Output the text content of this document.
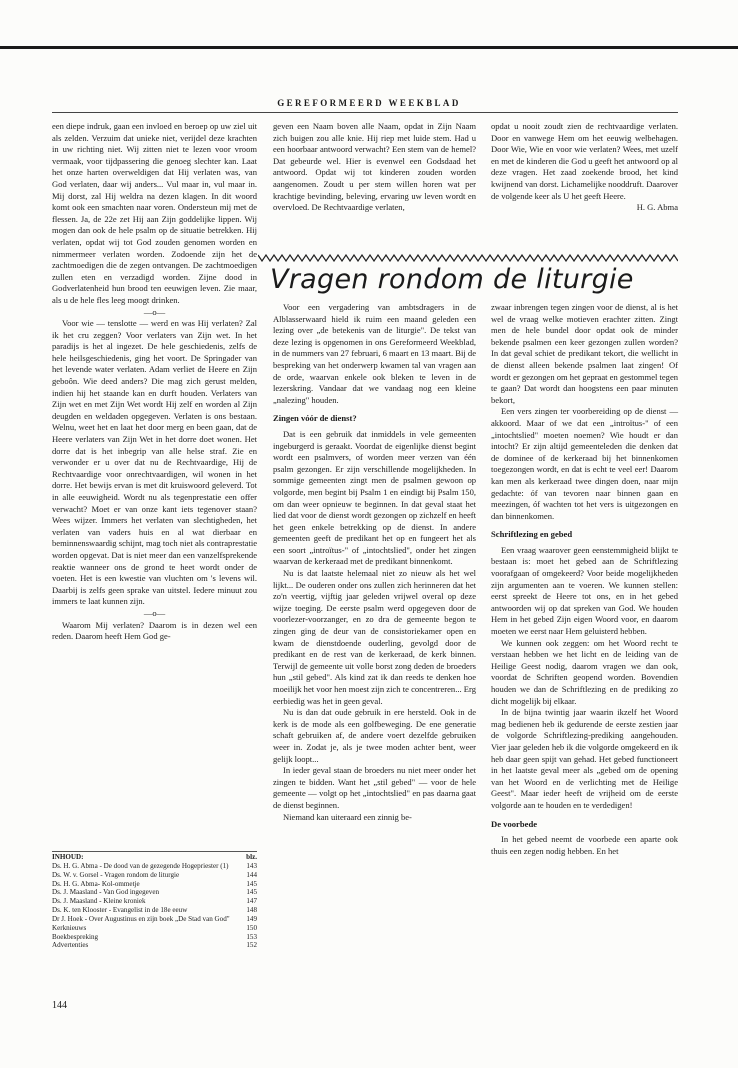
GEREFORMEERD WEEKBLAD

een diepe indruk, gaan een invloed en beroep op uw ziel uit als zelden. Verzuim dat unieke niet, verijdel deze krachten in uw richting niet. Wij zitten niet te lezen voor vroom vermaak, voor tijdpassering die genoeg slechter kan. Laat het onze harten overweldigen dat Hij verlaten was, van God verlaten, daar wij anders... Vul maar in, vul maar in. Mij dorst, zal Hij weldra na dezen klagen. In dit woord komt ook een smachten naar voren. Ondersteun mij met de flessen. Ja, de 22e zet Hij aan Zijn goddelijke lippen. Wij mogen dan ook de hele psalm op de situatie betrekken. Hij verlaten, opdat wij tot God zouden genomen worden en nimmermeer verlaten worden. Zodoende zijn het de zachtmoedigen die de zegen ontvangen. De zachtmoedigen zullen eten en verzadigd worden. Zijne dood in Godverlatenheid hun brood ten eeuwigen leven. Zie maar, als u de hele fles leeg moogt drinken.

—o—

Voor wie — tenslotte — werd en was Hij verlaten? Zal ik het cru zeggen? Voor verlaters van Zijn wet. In het paradijs is het al ingezet. De hele geschiedenis, zelfs de hele heilsgeschiedenis, ging het voort. De Springader van het levende water verlaten. Adam verliet de Heere en Zijn geboôn. Wie deed anders? Die mag zich gerust melden, indien hij het staande kan en durft houden. Verlaters van Zijn wet en met Zijn Wet wordt Hij zelf en worden al Zijn deugden en weldaden opgegeven. Verlaten is ons bestaan. Welnu, weet het en laat het door merg en been gaan, dat de Heere verlaters van Zijn Wet in het dorre doet wonen. Het dorre dat is het inbegrip van alle helse straf. Zie en verwonder er u over dat nu de Rechtvaardige, Hij de Rechtvaardige voor onrechtvaardigen, wil wonen in het dorre. Het bewijs ervan is met dit kruiswoord geleverd. Tot in alle eeuwigheid. Wordt nu als tegenprestatie een offer verwacht? Moet er van onze kant iets tegenover staan? Wees wijzer. Immers het verlaten van slechtigheden, het verlaten van vaders huis en al wat dierbaar en beminnenswaardig schijnt, mag toch niet als contraprestatie worden opgevat. Dat is niet meer dan een vanzelfsprekende reaktie wanneer ons de grond te heet wordt onder de voeten. Het is een kwestie van vluchten om 's levens wil. Daarbij is zelfs geen sprake van uitstel. Iedere minuut zou immers te laat kunnen zijn.

—o—

Waarom Mij verlaten? Daarom is in dezen wel een reden. Daarom heeft Hem God ge-

INHOUD:	blz.
Ds. H. G. Abma - De dood van de gezegende Hogepriester (1)	143
Ds. W. v. Gorsel - Vragen rondom de liturgie	144
Ds. H. G. Abma- Kol-ommetje	145
Ds. J. Maasland - Van God ingegeven	145
Ds. J. Maasland - Kleine kroniek	147
Ds. K. ten Klooster - Evangelist in de 18e eeuw	148
Dr J. Hoek - Over Augustinus en zijn boek „De Stad van God"	149
Kerknieuws	150
Boekbespreking	153
Advertenties	152
144

geven een Naam boven alle Naam, opdat in Zijn Naam zich buigen zou alle knie. Hij riep met luide stem. Had u een hoorbaar antwoord verwacht? Een stem van de hemel? Dat gebeurde wel. Hier is evenwel een Godsdaad het antwoord. Opdat wij tot kinderen zouden worden aangenomen. Zoudt u per stem willen horen wat per krachtige bevinding, beleving, ervaring uw leven wordt en overvloed. De Rechtvaardige verlaten,

opdat u nooit zoudt zien de rechtvaardige verlaten. Door en vanwege Hem om het eeuwig welbehagen. Door Wie, Wie en voor wie verlaten? Wees, met uzelf en met de kinderen die God u geeft het antwoord op al deze vragen. Het zaad zoekende brood, het kind kwijnend van dorst. Lichamelijke nooddruft. Daarover de volgende keer als U het geeft Heere.

H. G. Abma

Vragen rondom de liturgie

Voor een vergadering van ambtsdragers in de Alblasserwaard hield ik ruim een maand geleden een lezing over „de betekenis van de liturgie". De tekst van deze lezing is opgenomen in ons Gereformeerd Weekblad, in de nummers van 27 februari, 6 maart en 13 maart. Bij de bespreking van het onderwerp kwamen tal van vragen aan de orde, waarvan enkele ook bleken te leven in de lezerskring. Vandaar dat we vandaag nog een kleine „nalezing" houden.

Zingen vóór de dienst?

Dat is een gebruik dat inmiddels in vele gemeenten ingeburgerd is geraakt. Voordat de eigenlijke dienst begint wordt een psalmvers, of worden meer verzen van één psalm gezongen. Er zijn verschillende mogelijkheden. In sommige gemeenten zingt men de psalmen gewoon op volgorde, men begint bij Psalm 1 en eindigt bij Psalm 150, om dan weer opnieuw te beginnen. In dat geval staat het lied dat voor de dienst wordt gezongen op zichzelf en heeft het geen enkele betrekking op de dienst. In andere gemeenten geeft de predikant het op en fungeert het als een soort „introïtus-" of „intochtslied", onder het zingen waarvan de kerkeraad met de predikant binnenkomt.

Nu is dat laatste helemaal niet zo nieuw als het wel lijkt... De ouderen onder ons zullen zich herinneren dat het zo'n veertig, vijftig jaar geleden vrijwel overal op deze wijze toeging. De eerste psalm werd opgegeven door de voorlezer-voorzanger, en zo dra de gemeente begon te zingen ging de deur van de consistoriekamer open en kwam de dienstdoende ouderling, gevolgd door de predikant en de rest van de kerkeraad, de kerk binnen. Terwijl de gemeente uit volle borst zong deden de broeders hun „stil gebed". Als kind zat ik dan reeds te denken hoe moeilijk het voor hen moest zijn zich te concentreren... Erg eerbiedig was het in geen geval.

Nu is dan dat oude gebruik in ere hersteld. Ook in de kerk is de mode als een golfbeweging. De ene generatie schaft gebruiken af, de andere voert dezelfde gebruiken weer in. Zodat je, als je twee moden achter bent, weer gelijk loopt...

In ieder geval staan de broeders nu niet meer onder het zingen te bidden. Want het „stil gebed" — voor de hele gemeente — volgt op het „intochtslied" en pas daarna gaat de dienst beginnen.

Niemand kan uiteraard een zinnig be-

zwaar inbrengen tegen zingen voor de dienst, al is het wel de vraag welke motieven erachter zitten. Zingt men de hele bundel door opdat ook de minder bekende psalmen een keer gezongen zullen worden? In dat geval schiet de predikant tekort, die wellicht in de dienst alleen bekende psalmen laat zingen! Of wordt er gezongen om het gepraat en gestommel tegen te gaan? Dat wordt dan hoogstens een paar minuten bekort,

Een vers zingen ter voorbereiding op de dienst — akkoord. Maar of we dat een „introïtus-" of een „intochtslied" moeten noemen? Wie houdt er dan intocht? Er zijn altijd gemeenteleden die denken dat de dominee of de kerkeraad bij het binnenkomen toegezongen wordt, en dat is echt te veel eer! Daarom kan men als kerkeraad twee dingen doen, naar mijn gedachte: óf van tevoren naar binnen gaan en meezingen, óf wachten tot het vers is uitgezongen en dan binnenkomen.

Schriftlezing en gebed

Een vraag waarover geen eenstemmigheid blijkt te bestaan is: moet het gebed aan de Schriftlezing voorafgaan of omgekeerd? Voor beide mogelijkheden zijn argumenten aan te voeren. We kunnen stellen: eerst spreekt de Heere tot ons, en in het gebed antwoorden wij op dat spreken van God. We houden Hem in het gebed Zijn eigen Woord voor, en daarom moeten we eerst naar Hem geluisterd hebben.

We kunnen ook zeggen: om het Woord recht te verstaan hebben we het licht en de leiding van de Heilige Geest nodig, daarom vragen we dan ook, voordat de Schriften geopend worden. Bovendien houden we dan de Schriftlezing en de prediking zo dicht mogelijk bij elkaar.

In de bijna twintig jaar waarin ikzelf het Woord mag bedienen heb ik gedurende de eerste zestien jaar de volgorde Schriftlezing-prediking aangehouden. Vier jaar geleden heb ik die volgorde omgekeerd en ik heb daar geen spijt van gehad. Het gebed functioneert in het laatste geval meer als „gebed om de opening van het Woord en de verlichting met de Heilige Geest". Maar ieder heeft de vrijheid om de eerste volgorde aan te houden en te verdedigen!

De voorbede

In het gebed neemt de voorbede een aparte ook thuis een zegen nodig hebben. En het
